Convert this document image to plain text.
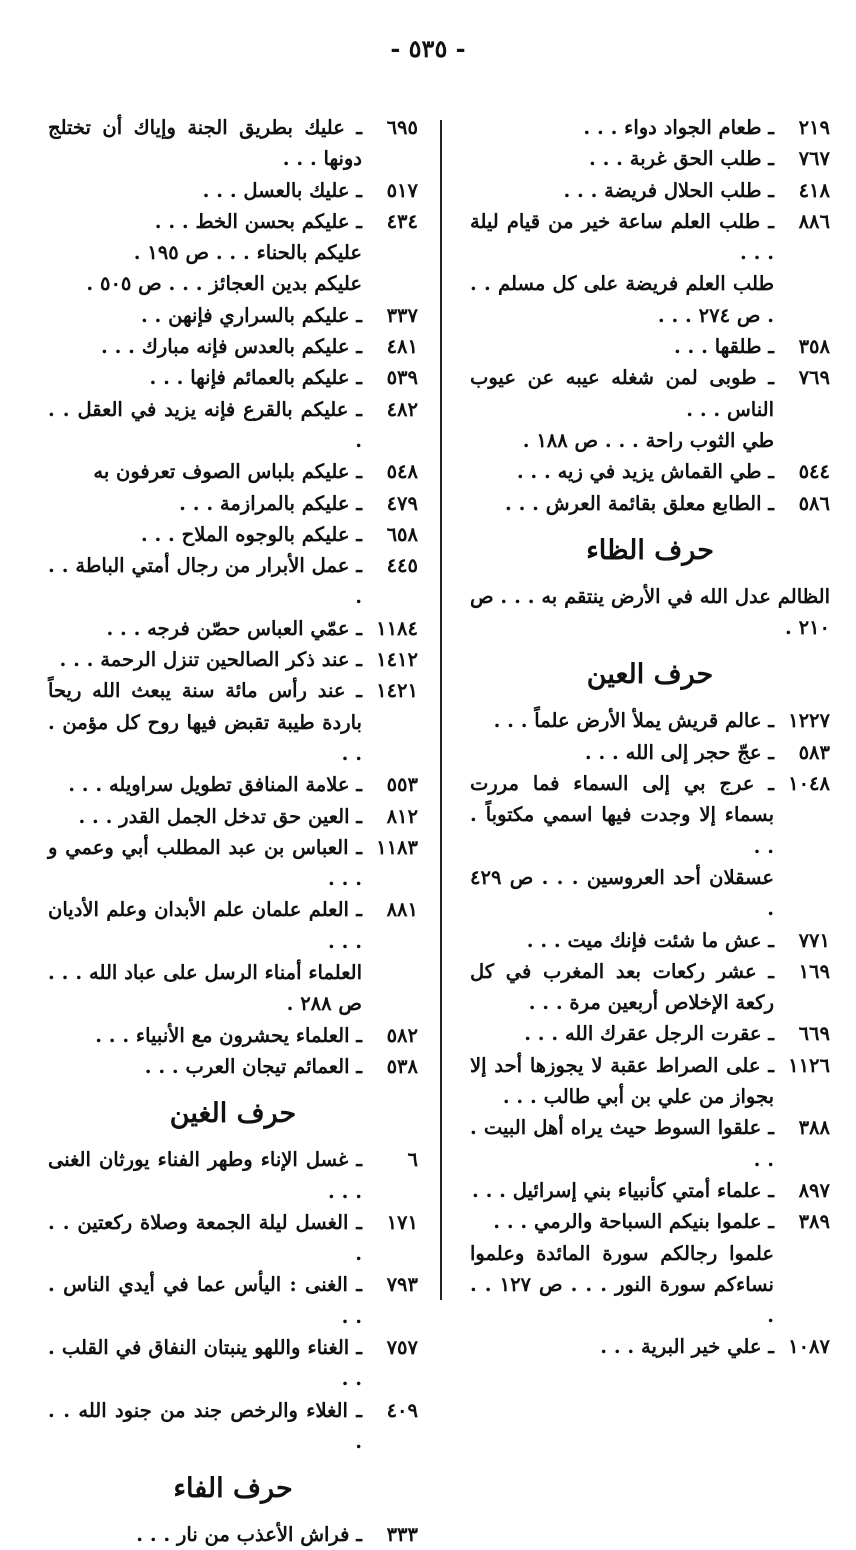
- ٥٣٥ -
٢١٩
ـ طعام الجواد دواء . . .
٧٦٧
ـ طلب الحق غربة . . .
٤١٨
ـ طلب الحلال فريضة . . .
٨٨٦
ـ طلب العلم ساعة خير من قيام ليلة . . .
طلب العلم فريضة على كل مسلم . . . ص ٢٧٤ . . .
٣٥٨
ـ طلقها . . .
٧٦٩
ـ طوبى لمن شغله عيبه عن عيوب الناس . . .
طي الثوب راحة . . . ص ١٨٨ .
٥٤٤
ـ طي القماش يزيد في زيه . . .
٥٨٦
ـ الطابع معلق بقائمة العرش . . .
حرف الظاء
الظالم عدل الله في الأرض ينتقم به . . . ص ٢١٠ .
حرف العين
١٢٢٧
ـ عالم قريش يملأ الأرض علماً . . .
٥٨٣
ـ عجّ حجر إلى الله . . .
١٠٤٨
ـ عرج بي إلى السماء فما مررت بسماء إلا وجدت فيها اسمي مكتوباً . . .
عسقلان أحد العروسين . . . ص ٤٢٩ .
٧٧١
ـ عش ما شئت فإنك ميت . . .
١٦٩
ـ عشر ركعات بعد المغرب في كل ركعة الإخلاص أربعين مرة . . .
٦٦٩
ـ عقرت الرجل عقرك الله . . .
١١٢٦
ـ على الصراط عقبة لا يجوزها أحد إلا بجواز من علي بن أبي طالب . . .
٣٨٨
ـ علقوا السوط حيث يراه أهل البيت . . .
٨٩٧
ـ علماء أمتي كأنبياء بني إسرائيل . . .
٣٨٩
ـ علموا بنيكم السباحة والرمي . . .
علموا رجالكم سورة المائدة وعلموا نساءكم سورة النور . . . ص ١٢٧ . . .
١٠٨٧
ـ علي خير البرية . . .
٦٩٥
ـ عليك بطريق الجنة وإياك أن تختلج دونها . . .
٥١٧
ـ عليك بالعسل . . .
٤٣٤
ـ عليكم بحسن الخط . . .
عليكم بالحناء . . . ص ١٩٥ .
عليكم بدين العجائز . . . ص ٥٠٥ .
٣٣٧
ـ عليكم بالسراري فإنهن . .
٤٨١
ـ عليكم بالعدس فإنه مبارك . . .
٥٣٩
ـ عليكم بالعمائم فإنها . . .
٤٨٢
ـ عليكم بالقرع فإنه يزيد في العقل . . .
٥٤٨
ـ عليكم بلباس الصوف تعرفون به
٤٧٩
ـ عليكم بالمرازمة . . .
٦٥٨
ـ عليكم بالوجوه الملاح . . .
٤٤٥
ـ عمل الأبرار من رجال أمتي الباطة . . .
١١٨٤
ـ عمّي العباس حصّن فرجه . . .
١٤١٢
ـ عند ذكر الصالحين تنزل الرحمة . . .
١٤٢١
ـ عند رأس مائة سنة يبعث الله ريحاً باردة طيبة تقبض فيها روح كل مؤمن . . .
٥٥٣
ـ علامة المنافق تطويل سراويله . . .
٨١٢
ـ العين حق تدخل الجمل القدر . . .
١١٨٣
ـ العباس بن عبد المطلب أبي وعمي و . . .
٨٨١
ـ العلم علمان علم الأبدان وعلم الأديان . . .
العلماء أمناء الرسل على عباد الله . . . ص ٢٨٨ .
٥٨٢
ـ العلماء يحشرون مع الأنبياء . . .
٥٣٨
ـ العمائم تيجان العرب . . .
حرف الغين
٦
ـ غسل الإناء وطهر الفناء يورثان الغنى . . .
١٧١
ـ الغسل ليلة الجمعة وصلاة ركعتين . . .
٧٩٣
ـ الغنى : اليأس عما في أيدي الناس . . .
٧٥٧
ـ الغناء واللهو ينبتان النفاق في القلب . . .
٤٠٩
ـ الغلاء والرخص جند من جنود الله . . .
حرف الفاء
٣٣٣
ـ فراش الأعذب من نار . . .
